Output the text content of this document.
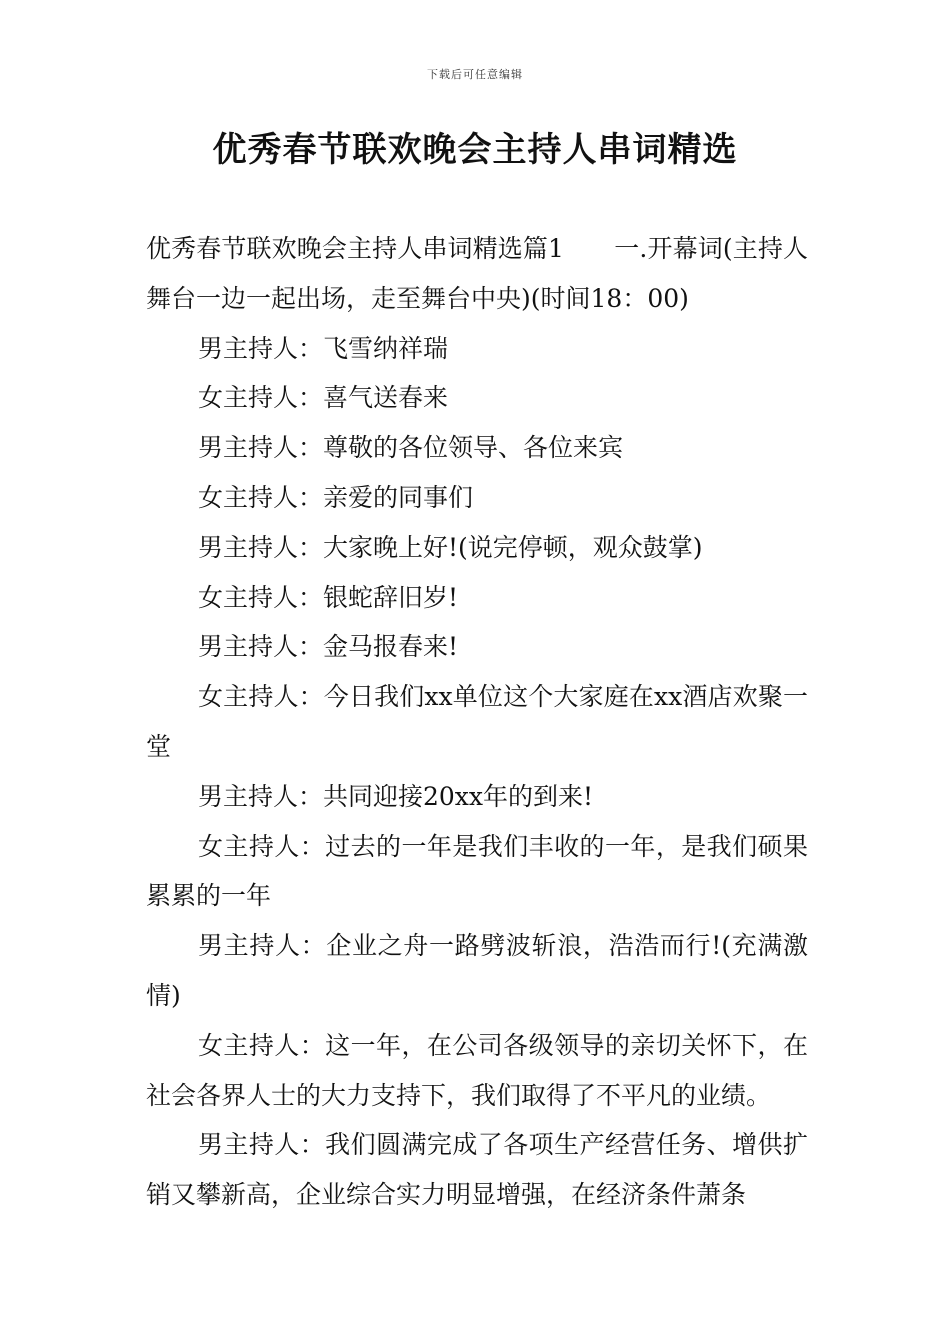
下载后可任意编辑
优秀春节联欢晚会主持人串词精选

优秀春节联欢晚会主持人串词精选篇1　　一.开幕词(主持人舞台一边一起出场，走至舞台中央)(时间18：00)

男主持人：飞雪纳祥瑞

女主持人：喜气送春来

男主持人：尊敬的各位领导、各位来宾

女主持人：亲爱的同事们

男主持人：大家晚上好!(说完停顿，观众鼓掌)

女主持人：银蛇辞旧岁!

男主持人：金马报春来!

女主持人：今日我们xx单位这个大家庭在xx酒店欢聚一堂

男主持人：共同迎接20xx年的到来!

女主持人：过去的一年是我们丰收的一年，是我们硕果累累的一年

男主持人：企业之舟一路劈波斩浪，浩浩而行!(充满激情)

女主持人：这一年，在公司各级领导的亲切关怀下，在社会各界人士的大力支持下，我们取得了不平凡的业绩。

男主持人：我们圆满完成了各项生产经营任务、增供扩销又攀新高，企业综合实力明显增强，在经济条件萧条
